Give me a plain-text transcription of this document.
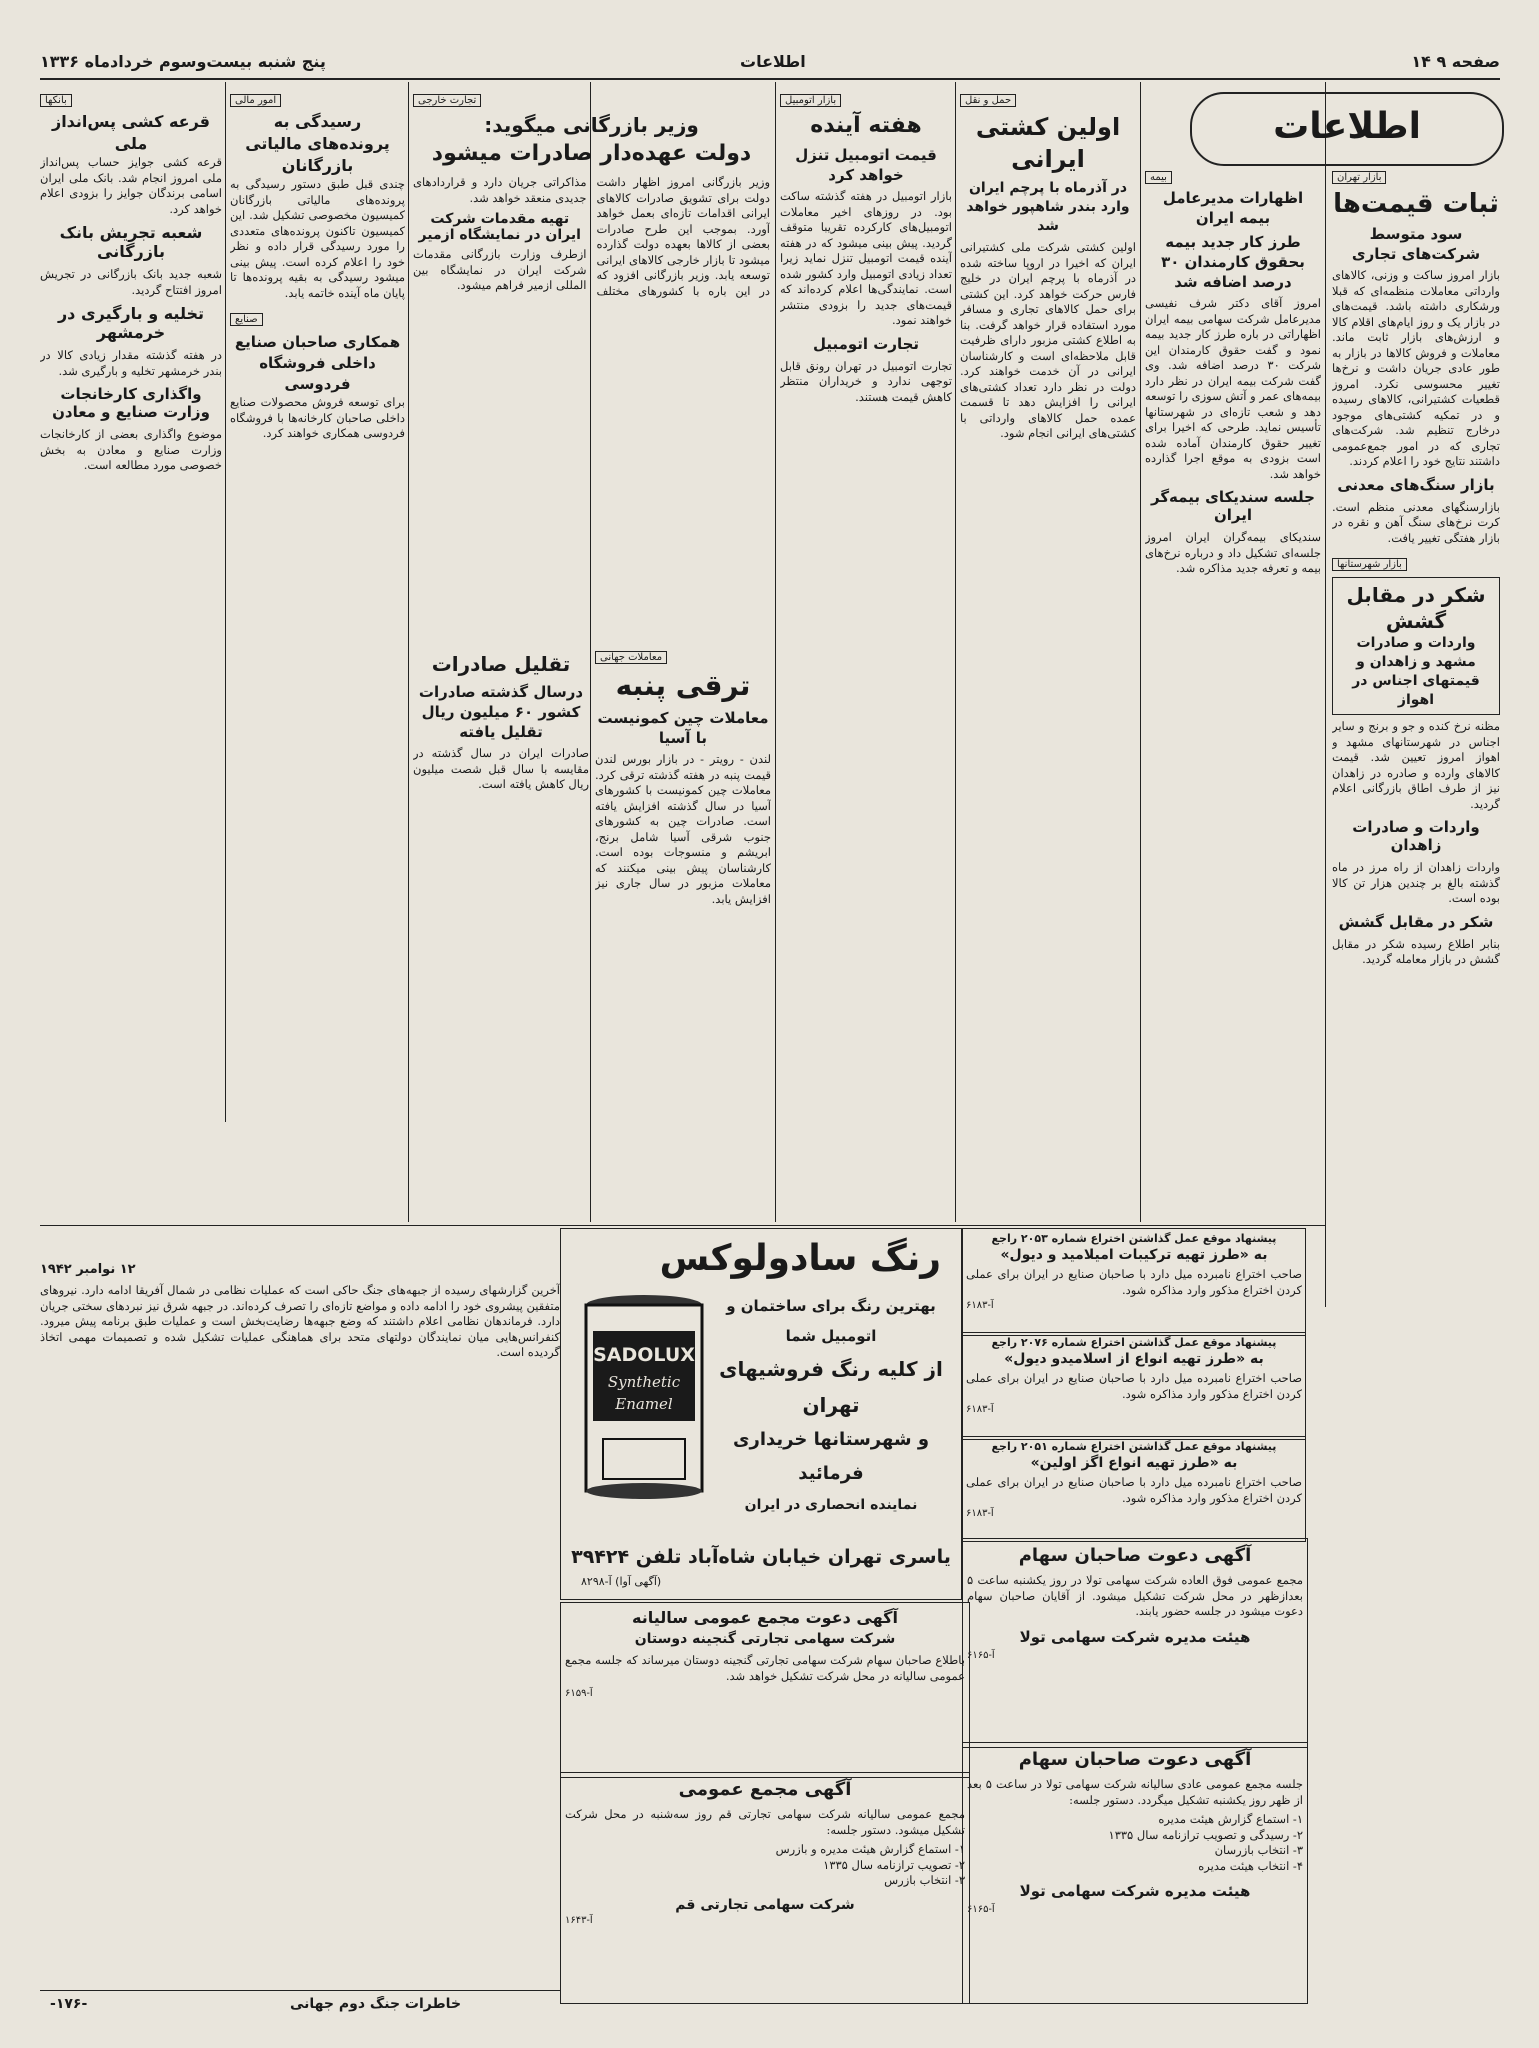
پنج شنبه بیست‌وسوم خردادماه ۱۳۳۶	اطلاعات	صفحه ۹ ۱۴
اطلاعات
بازار تهران
ثبات قیمت‌ها
سود متوسط شرکت‌های تجاری

بازار امروز ساکت و وزنی، کالاهای وارداتی معاملات منظمه‌ای که قبلا ورشکاری داشته باشد. قیمت‌های در بازار یک و روز ایام‌های اقلام کالا و ارزش‌های بازار ثابت ماند. معاملات و فروش کالاها در بازار به طور عادی جریان داشت و نرخ‌ها تغییر محسوسی نکرد. امروز قطعیات کشتیرانی، کالاهای رسیده و در تمکیه کشتی‌های موجود درخارج تنظیم شد. شرکت‌های تجاری که در امور جمع‌عمومی داشتند نتایج خود را اعلام کردند.

بازار سنگ‌های معدنی

بازارسنگهای معدنی منظم است. کرت نرخ‌های سنگ آهن و نقره در بازار هفتگی تغییر یافت.

بازار شهرستانها
شکر در مقابل گشش
واردات و صادرات مشهد و زاهدان و قیمتهای اجناس در اهواز

مظنه نرخ کنده و جو و برنج و سایر اجناس در شهرستانهای مشهد و اهواز امروز تعیین شد. قیمت کالاهای وارده و صادره در زاهدان نیز از طرف اطاق بازرگانی اعلام گردید.

واردات و صادرات زاهدان

واردات زاهدان از راه مرز در ماه گذشته بالغ بر چندین هزار تن کالا بوده است.

شکر در مقابل گشش

بنابر اطلاع رسیده شکر در مقابل گشش در بازار معامله گردید.

بیمه
اظهارات مدیرعامل بیمه ایران
طرز کار جدید بیمه بحقوق کارمندان ۳۰ درصد اضافه شد

امروز آقای دکتر شرف نفیسی مدیرعامل شرکت سهامی بیمه ایران اظهاراتی در باره طرز کار جدید بیمه نمود و گفت حقوق کارمندان این شرکت ۳۰ درصد اضافه شد. وی گفت شرکت بیمه ایران در نظر دارد بیمه‌های عمر و آتش سوزی را توسعه دهد و شعب تازه‌ای در شهرستانها تأسیس نماید. طرحی که اخیرا برای تغییر حقوق کارمندان آماده شده است بزودی به موقع اجرا گذارده خواهد شد.

جلسه سندیکای بیمه‌گر ایران

سندیکای بیمه‌گران ایران امروز جلسه‌ای تشکیل داد و درباره نرخ‌های بیمه و تعرفه جدید مذاکره شد.

حمل و نقل
اولین کشتی ایرانی
در آذرماه با پرچم ایران وارد بندر شاهپور خواهد شد

اولین کشتی شرکت ملی کشتیرانی ایران که اخیرا در اروپا ساخته شده در آذرماه با پرچم ایران در خلیج فارس حرکت خواهد کرد. این کشتی برای حمل کالاهای تجاری و مسافر مورد استفاده قرار خواهد گرفت. بنا به اطلاع کشتی مزبور دارای ظرفیت قابل ملاحظه‌ای است و کارشناسان ایرانی در آن خدمت خواهند کرد. دولت در نظر دارد تعداد کشتی‌های ایرانی را افزایش دهد تا قسمت عمده حمل کالاهای وارداتی با کشتی‌های ایرانی انجام شود.

بازار اتومبیل
هفته آینده
قیمت اتومبیل تنزل خواهد کرد

بازار اتومبیل در هفته گذشته ساکت بود. در روزهای اخیر معاملات اتومبیل‌های کارکرده تقریبا متوقف گردید. پیش بینی میشود که در هفته آینده قیمت اتومبیل تنزل نماید زیرا تعداد زیادی اتومبیل وارد کشور شده است. نمایندگی‌ها اعلام کرده‌اند که قیمت‌های جدید را بزودی منتشر خواهند نمود.

تجارت اتومبیل

تجارت اتومبیل در تهران رونق قابل توجهی ندارد و خریداران منتظر کاهش قیمت هستند.

تجارت خارجی
وزیر بازرگانی میگوید:
دولت عهده‌دار صادرات میشود

وزیر بازرگانی امروز اظهار داشت دولت برای تشویق صادرات کالاهای ایرانی اقدامات تازه‌ای بعمل خواهد آورد. بموجب این طرح صادرات بعضی از کالاها بعهده دولت گذارده میشود تا بازار خارجی کالاهای ایرانی توسعه یابد. وزیر بازرگانی افزود که در این باره با کشورهای مختلف مذاکراتی جریان دارد و قراردادهای جدیدی منعقد خواهد شد.

تهیه مقدمات شرکت ایران در نمایشگاه ازمیر

ازطرف وزارت بازرگانی مقدمات شرکت ایران در نمایشگاه بین المللی ازمیر فراهم میشود.

تقلیل صادرات
درسال گذشته صادرات کشور ۶۰ میلیون ریال تقلیل یافته

صادرات ایران در سال گذشته در مقایسه با سال قبل شصت میلیون ریال کاهش یافته است.

معاملات جهانی
ترقی پنبه
معاملات چین کمونیست با آسیا

لندن - رویتر - در بازار بورس لندن قیمت پنبه در هفته گذشته ترقی کرد. معاملات چین کمونیست با کشورهای آسیا در سال گذشته افزایش یافته است. صادرات چین به کشورهای جنوب شرقی آسیا شامل برنج، ابریشم و منسوجات بوده است. کارشناسان پیش بینی میکنند که معاملات مزبور در سال جاری نیز افزایش یابد.

امور مالی
رسیدگی به پرونده‌های مالیاتی بازرگانان

چندی قبل طبق دستور رسیدگی به پرونده‌های مالیاتی بازرگانان کمیسیون مخصوصی تشکیل شد. این کمیسیون تاکنون پرونده‌های متعددی را مورد رسیدگی قرار داده و نظر خود را اعلام کرده است. پیش بینی میشود رسیدگی به بقیه پرونده‌ها تا پایان ماه آینده خاتمه یابد.

صنایع
همکاری صاحبان صنایع داخلی فروشگاه فردوسی

برای توسعه فروش محصولات صنایع داخلی صاحبان کارخانه‌ها با فروشگاه فردوسی همکاری خواهند کرد.

بانکها
قرعه کشی پس‌انداز ملی

قرعه کشی جوایز حساب پس‌انداز ملی امروز انجام شد. بانک ملی ایران اسامی برندگان جوایز را بزودی اعلام خواهد کرد.

شعبه تجریش بانک بازرگانی

شعبه جدید بانک بازرگانی در تجریش امروز افتتاح گردید.

تخلیه و بارگیری در خرمشهر

در هفته گذشته مقدار زیادی کالا در بندر خرمشهر تخلیه و بارگیری شد.

واگذاری کارخانجات وزارت صنایع و معادن

موضوع واگذاری بعضی از کارخانجات وزارت صنایع و معادن به بخش خصوصی مورد مطالعه است.

۱۲ نوامبر ۱۹۴۲

آخرین گزارشهای رسیده از جبهه‌های جنگ حاکی است که عملیات نظامی در شمال آفریقا ادامه دارد. نیروهای متفقین پیشروی خود را ادامه داده و مواضع تازه‌ای را تصرف کرده‌اند. در جبهه شرق نیز نبردهای سختی جریان دارد. فرماندهان نظامی اعلام داشتند که وضع جبهه‌ها رضایت‌بخش است و عملیات طبق برنامه پیش میرود. کنفرانس‌هایی میان نمایندگان دولتهای متحد برای هماهنگی عملیات تشکیل شده و تصمیمات مهمی اتخاذ گردیده است.

-۱۷۶-	خاطرات جنگ دوم جهانی
رنگ سادولوکس
SADOLUX
Synthetic
Enamel
بهترین رنگ برای ساختمان و اتومبیل شما
از کلیه رنگ فروشیهای تهران
و شهرستانها خریداری فرمائید
نماینده انحصاری در ایران
یاسری تهران خیابان شاه‌آباد تلفن ۳۹۴۲۴
(آگهی آوا) آ-۸۲۹۸
پیشنهاد موقع عمل گذاشتن اختراع شماره ۲۰۵۳ راجع
به «طرز تهیه ترکیبات امیلامید و دیول»

صاحب اختراع نامبرده میل دارد با صاحبان صنایع در ایران برای عملی کردن اختراع مذکور وارد مذاکره شود.

آ-۶۱۸۳
پیشنهاد موقع عمل گذاشتن اختراع شماره ۲۰۷۶ راجع
به «طرز تهیه انواع از اسلامیدو دیول»

صاحب اختراع نامبرده میل دارد با صاحبان صنایع در ایران برای عملی کردن اختراع مذکور وارد مذاکره شود.

آ-۶۱۸۳
پیشنهاد موقع عمل گذاشتن اختراع شماره ۲۰۵۱ راجع
به «طرز تهیه انواع اگز اولین»

صاحب اختراع نامبرده میل دارد با صاحبان صنایع در ایران برای عملی کردن اختراع مذکور وارد مذاکره شود.

آ-۶۱۸۳
آگهی دعوت صاحبان سهام

مجمع عمومی فوق العاده شرکت سهامی تولا در روز یکشنبه ساعت ۵ بعدازظهر در محل شرکت تشکیل میشود. از آقایان صاحبان سهام دعوت میشود در جلسه حضور یابند.

هیئت مدیره شرکت سهامی تولا
آ-۶۱۶۵
آگهی دعوت صاحبان سهام

جلسه مجمع عمومی عادی سالیانه شرکت سهامی تولا در ساعت ۵ بعد از ظهر روز یکشنبه تشکیل میگردد. دستور جلسه:

۱- استماع گزارش هیئت مدیره
۲- رسیدگی و تصویب ترازنامه سال ۱۳۳۵
۳- انتخاب بازرسان
۴- انتخاب هیئت مدیره
هیئت مدیره شرکت سهامی تولا
آ-۶۱۶۵
آگهی دعوت مجمع عمومی سالیانه
شرکت سهامی تجارتی گنجینه دوستان

باطلاع صاحبان سهام شرکت سهامی تجارتی گنجینه دوستان میرساند که جلسه مجمع عمومی سالیانه در محل شرکت تشکیل خواهد شد.

آ-۶۱۵۹
آگهی مجمع عمومی

مجمع عمومی سالیانه شرکت سهامی تجارتی قم روز سه‌شنبه در محل شرکت تشکیل میشود. دستور جلسه:

۱- استماع گزارش هیئت مدیره و بازرس
۲- تصویب ترازنامه سال ۱۳۳۵
۳- انتخاب بازرس
شرکت سهامی تجارتی قم
آ-۱۶۴۳
